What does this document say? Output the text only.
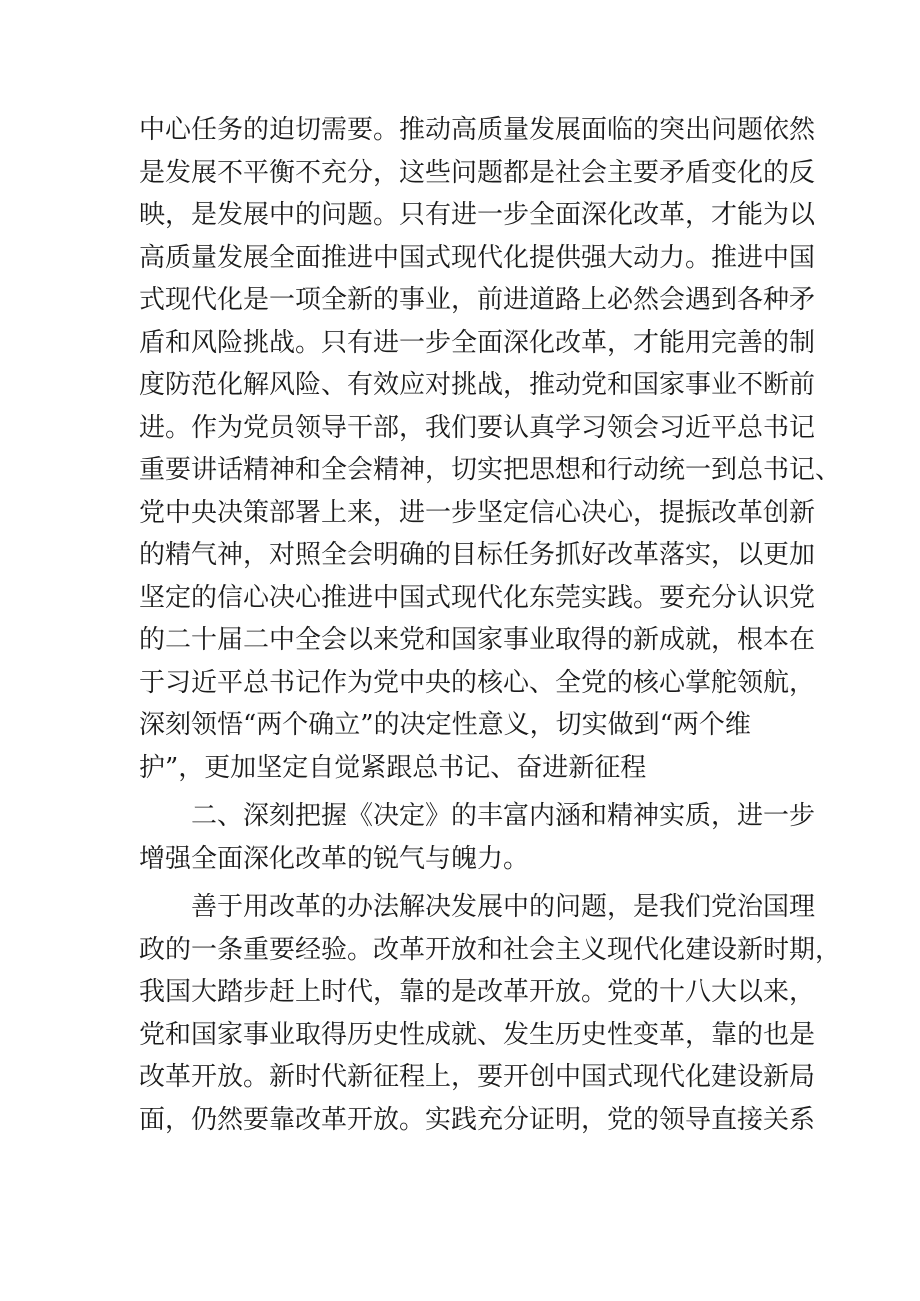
中心任务的迫切需要。推动高质量发展面临的突出问题依然
是发展不平衡不充分，这些问题都是社会主要矛盾变化的反
映，是发展中的问题。只有进一步全面深化改革，才能为以
高质量发展全面推进中国式现代化提供强大动力。推进中国
式现代化是一项全新的事业，前进道路上必然会遇到各种矛
盾和风险挑战。只有进一步全面深化改革，才能用完善的制
度防范化解风险、有效应对挑战，推动党和国家事业不断前
进。作为党员领导干部，我们要认真学习领会习近平总书记
重要讲话精神和全会精神，切实把思想和行动统一到总书记、
党中央决策部署上来，进一步坚定信心决心，提振改革创新
的精气神，对照全会明确的目标任务抓好改革落实，以更加
坚定的信心决心推进中国式现代化东莞实践。要充分认识党
的二十届二中全会以来党和国家事业取得的新成就，根本在
于习近平总书记作为党中央的核心、全党的核心掌舵领航，
深刻领悟“两个确立”的决定性意义，切实做到“两个维
护”，更加坚定自觉紧跟总书记、奋进新征程
　　二、深刻把握《决定》的丰富内涵和精神实质，进一步
增强全面深化改革的锐气与魄力。
　　善于用改革的办法解决发展中的问题，是我们党治国理
政的一条重要经验。改革开放和社会主义现代化建设新时期，
我国大踏步赶上时代，靠的是改革开放。党的十八大以来，
党和国家事业取得历史性成就、发生历史性变革，靠的也是
改革开放。新时代新征程上，要开创中国式现代化建设新局
面，仍然要靠改革开放。实践充分证明，党的领导直接关系
